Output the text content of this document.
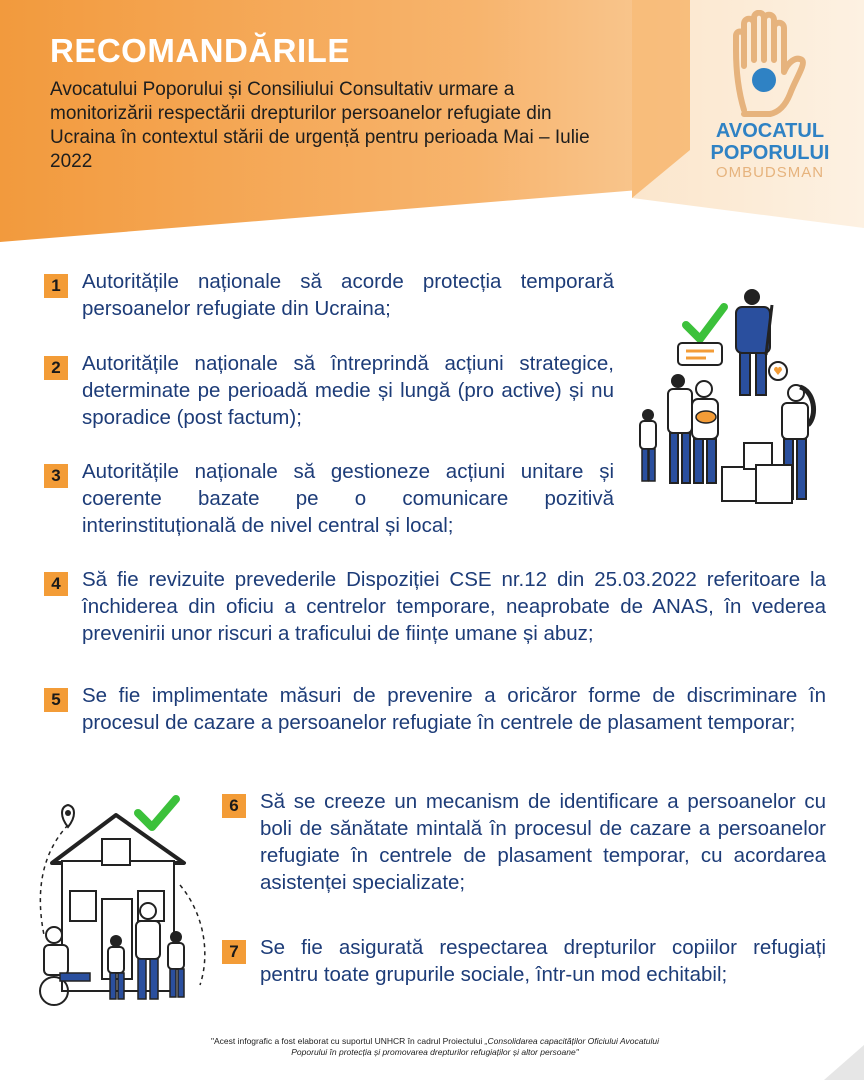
RECOMANDĂRILE

Avocatului Poporului și Consiliului Consultativ urmare a monitorizării respectării drepturilor persoanelor refugiate din Ucraina în contextul stării de urgență pentru perioada Mai – Iulie 2022

AVOCATUL
POPORULUI
OMBUDSMAN
1	Autoritățile naționale să acorde protecția temporară persoanelor refugiate din Ucraina;

2	Autoritățile naționale să întreprindă acțiuni strategice, determinate pe perioadă medie și lungă (pro active) și nu sporadice (post factum);

3	Autoritățile naționale să gestioneze acțiuni unitare și coerente bazate pe o comunicare pozitivă interinstituțională de nivel central și local;

4	Să fie revizuite prevederile Dispoziției CSE nr.12 din 25.03.2022 referitoare la închiderea din oficiu a centrelor temporare, neaprobate de ANAS, în vederea prevenirii unor riscuri a traficului de ființe umane și abuz;

5	Se fie implimentate măsuri de prevenire a oricăror forme de discriminare în procesul de cazare a persoanelor refugiate în centrele de plasament temporar;

6	Să se creeze un mecanism de identificare a persoanelor cu boli de sănătate mintală în procesul de cazare a persoanelor refugiate în centrele de plasament temporar, cu acordarea asistenței specializate;

7	Se fie asigurată respectarea drepturilor copiilor refugiați pentru toate grupurile sociale, într-un mod echitabil;

"Acest infografic a fost elaborat cu suportul UNHCR în cadrul Proiectului „Consolidarea capacităților Oficiului Avocatului
Poporului în protecția și promovarea drepturilor refugiaților și altor persoane"
